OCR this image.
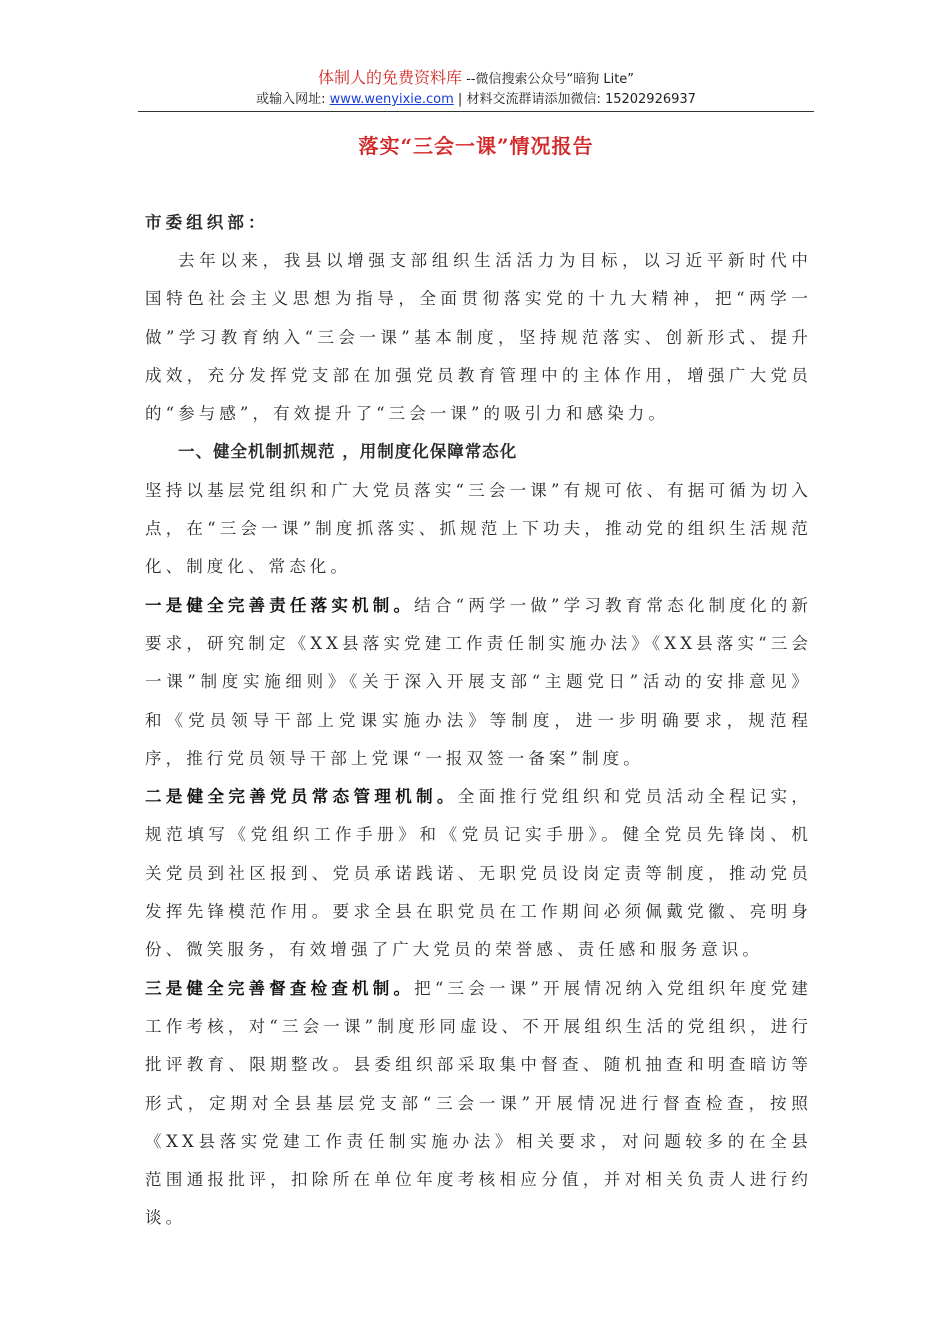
体制人的免费资料库 --微信搜索公众号“暗狗 Lite”
或输入网址: www.wenyixie.com | 材料交流群请添加微信: 15202926937
落实“三会一课”情况报告

市委组织部：

去年以来，我县以增强支部组织生活活力为目标，以习近平新时代中国特色社会主义思想为指导，全面贯彻落实党的十九大精神，把“两学一做”学习教育纳入“三会一课”基本制度，坚持规范落实、创新形式、提升成效，充分发挥党支部在加强党员教育管理中的主体作用，增强广大党员的“参与感”，有效提升了“三会一课”的吸引力和感染力。

一、健全机制抓规范 ，用制度化保障常态化

坚持以基层党组织和广大党员落实“三会一课”有规可依、有据可循为切入点，在“三会一课”制度抓落实、抓规范上下功夫，推动党的组织生活规范化、制度化、常态化。

一是健全完善责任落实机制。结合“两学一做”学习教育常态化制度化的新要求，研究制定《XX县落实党建工作责任制实施办法》《XX县落实“三会一课”制度实施细则》《关于深入开展支部“主题党日”活动的安排意见》和《党员领导干部上党课实施办法》等制度，进一步明确要求，规范程序，推行党员领导干部上党课“一报双签一备案”制度。

二是健全完善党员常态管理机制。全面推行党组织和党员活动全程记实，规范填写《党组织工作手册》和《党员记实手册》。健全党员先锋岗、机关党员到社区报到、党员承诺践诺、无职党员设岗定责等制度，推动党员发挥先锋模范作用。要求全县在职党员在工作期间必须佩戴党徽、亮明身份、微笑服务，有效增强了广大党员的荣誉感、责任感和服务意识。

三是健全完善督查检查机制。把“三会一课”开展情况纳入党组织年度党建工作考核，对“三会一课”制度形同虚设、不开展组织生活的党组织，进行批评教育、限期整改。县委组织部采取集中督查、随机抽查和明查暗访等形式，定期对全县基层党支部“三会一课”开展情况进行督查检查，按照《XX县落实党建工作责任制实施办法》相关要求，对问题较多的在全县范围通报批评，扣除所在单位年度考核相应分值，并对相关负责人进行约谈。
